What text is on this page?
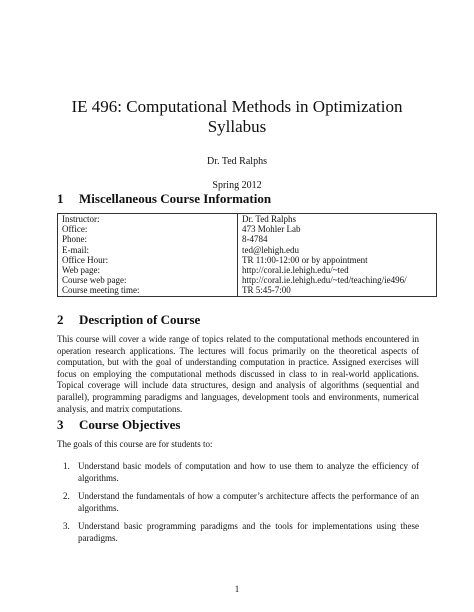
IE 496: Computational Methods in Optimization
Syllabus
Dr. Ted Ralphs
Spring 2012
1 Miscellaneous Course Information
Instructor:	Dr. Ted Ralphs
Office:	473 Mohler Lab
Phone:	8-4784
E-mail:	ted@lehigh.edu
Office Hour:	TR 11:00-12:00 or by appointment
Web page:	http://coral.ie.lehigh.edu/~ted
Course web page:	http://coral.ie.lehigh.edu/~ted/teaching/ie496/
Course meeting time:	TR 5:45-7:00
2 Description of Course

This course will cover a wide range of topics related to the computational methods encountered in operation research applications. The lectures will focus primarily on the theoretical aspects of computation, but with the goal of understanding computation in practice. Assigned exercises will focus on employing the computational methods discussed in class to in real-world applications. Topical coverage will include data structures, design and analysis of algorithms (sequential and parallel), programming paradigms and languages, development tools and environments, numerical analysis, and matrix computations.

3 Course Objectives

The goals of this course are for students to:

1. Understand basic models of computation and how to use them to analyze the efficiency of algorithms.
2. Understand the fundamentals of how a computer’s architecture affects the performance of an algorithms.
3. Understand basic programming paradigms and the tools for implementations using these paradigms.
1
